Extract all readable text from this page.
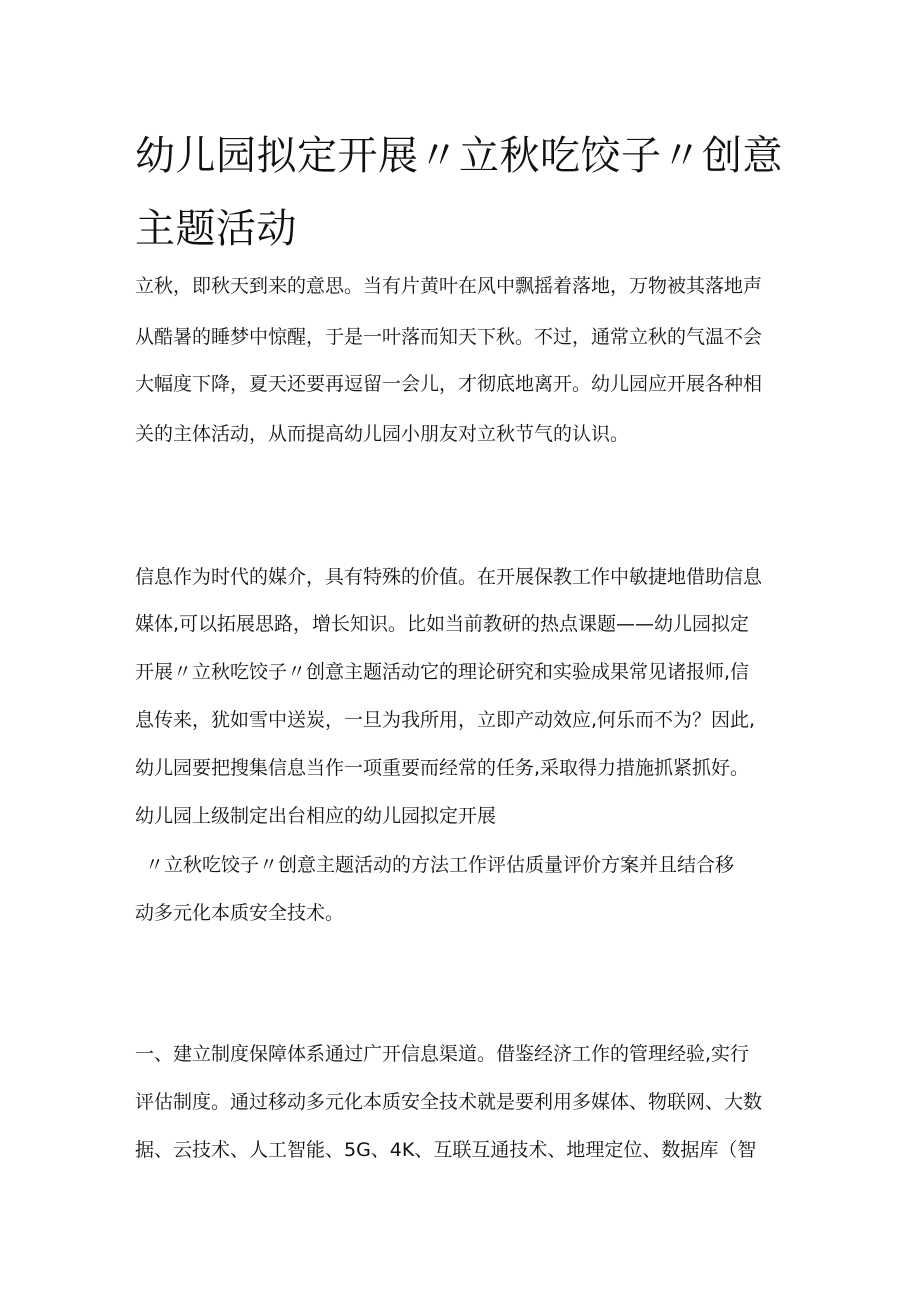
幼儿园拟定开展〃立秋吃饺子〃创意
主题活动

立秋，即秋天到来的意思。当有片黄叶在风中飘摇着落地，万物被其落地声

从酷暑的睡梦中惊醒，于是一叶落而知天下秋。不过，通常立秋的气温不会

大幅度下降，夏天还要再逗留一会儿，才彻底地离开。幼儿园应开展各种相

关的主体活动，从而提高幼儿园小朋友对立秋节气的认识。

信息作为时代的媒介，具有特殊的价值。在开展保教工作中敏捷地借助信息

媒体,可以拓展思路，增长知识。比如当前教研的热点课题——幼儿园拟定

开展〃立秋吃饺子〃创意主题活动它的理论研究和实验成果常见诸报师,信

息传来，犹如雪中送炭，一旦为我所用，立即产动效应,何乐而不为？因此,

幼儿园要把搜集信息当作一项重要而经常的任务,采取得力措施抓紧抓好。

幼儿园上级制定出台相应的幼儿园拟定开展

〃立秋吃饺子〃创意主题活动的方法工作评估质量评价方案并且结合移

动多元化本质安全技术。

一、建立制度保障体系通过广开信息渠道。借鉴经济工作的管理经验,实行

评估制度。通过移动多元化本质安全技术就是要利用多媒体、物联网、大数

据、云技术、人工智能、5G、4K、互联互通技术、地理定位、数据库（智
